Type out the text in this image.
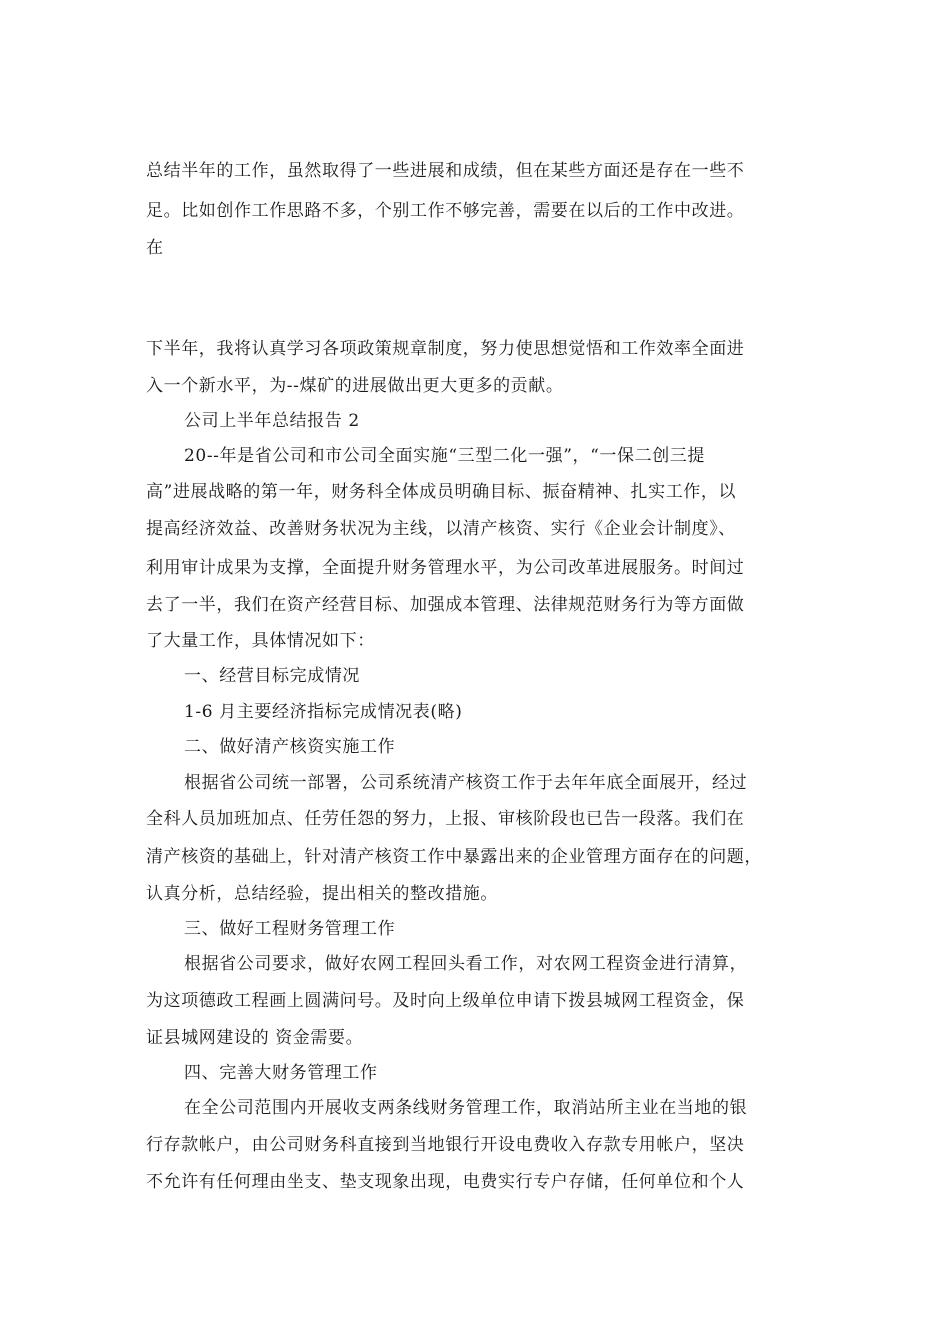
总结半年的工作，虽然取得了一些进展和成绩，但在某些方面还是存在一些不
足。比如创作工作思路不多，个别工作不够完善，需要在以后的工作中改进。
在
下半年，我将认真学习各项政策规章制度，努力使思想觉悟和工作效率全面进
入一个新水平，为--煤矿的进展做出更大更多的贡献。
公司上半年总结报告 2
20--年是省公司和市公司全面实施“三型二化一强”，“一保二创三提
高”进展战略的第一年，财务科全体成员明确目标、振奋精神、扎实工作，以
提高经济效益、改善财务状况为主线，以清产核资、实行《企业会计制度》、
利用审计成果为支撑，全面提升财务管理水平，为公司改革进展服务。时间过
去了一半，我们在资产经营目标、加强成本管理、法律规范财务行为等方面做
了大量工作，具体情况如下：
一、经营目标完成情况
1-6 月主要经济指标完成情况表(略)
二、做好清产核资实施工作
根据省公司统一部署，公司系统清产核资工作于去年年底全面展开，经过
全科人员加班加点、任劳任怨的努力，上报、审核阶段也已告一段落。我们在
清产核资的基础上，针对清产核资工作中暴露出来的企业管理方面存在的问题，
认真分析，总结经验，提出相关的整改措施。
三、做好工程财务管理工作
根据省公司要求，做好农网工程回头看工作，对农网工程资金进行清算，
为这项德政工程画上圆满问号。及时向上级单位申请下拨县城网工程资金，保
证县城网建设的 资金需要。
四、完善大财务管理工作
在全公司范围内开展收支两条线财务管理工作，取消站所主业在当地的银
行存款帐户，由公司财务科直接到当地银行开设电费收入存款专用帐户，坚决
不允许有任何理由坐支、垫支现象出现，电费实行专户存储，任何单位和个人
